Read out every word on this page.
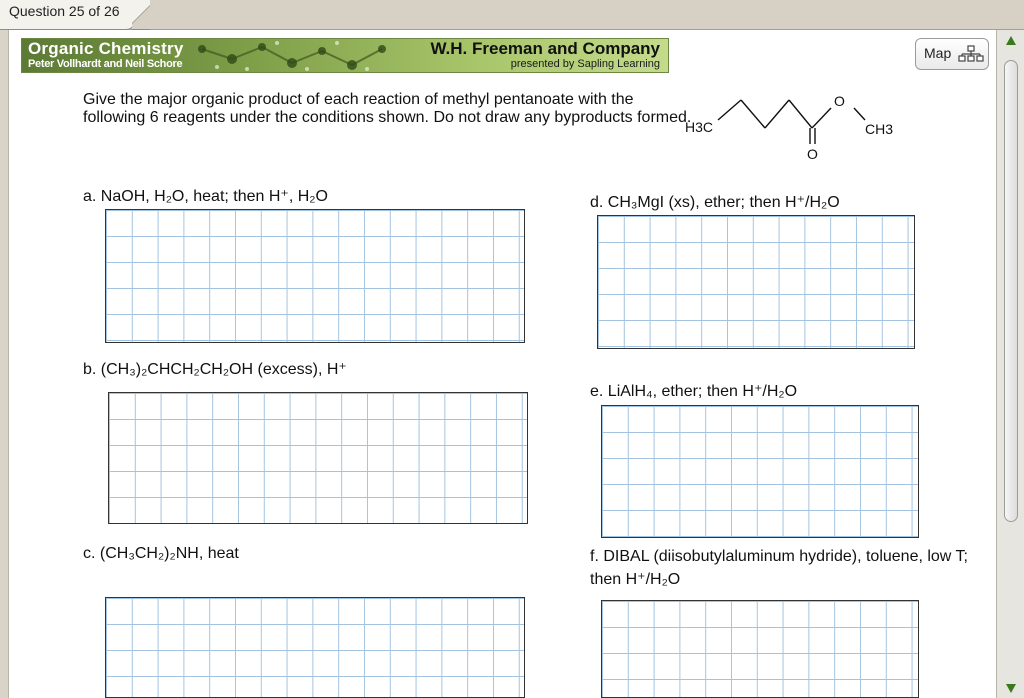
Question 25 of 26
Organic Chemistry
Peter Vollhardt and Neil Schore
W.H. Freeman and Company
presented by Sapling Learning
Map
Give the major organic product of each reaction of methyl pentanoate with the following 6 reagents under the conditions shown. Do not draw any byproducts formed.
H3C
O
O
CH3
a. NaOH, H₂O, heat; then H⁺, H₂O	d. CH₃MgI (xs), ether; then H⁺/H₂O
b. (CH₃)₂CHCH₂CH₂OH (excess), H⁺
e. LiAlH₄, ether; then H⁺/H₂O
c. (CH₃CH₂)₂NH, heat	f. DIBAL (diisobutylaluminum hydride), toluene, low T; then H⁺/H₂O
